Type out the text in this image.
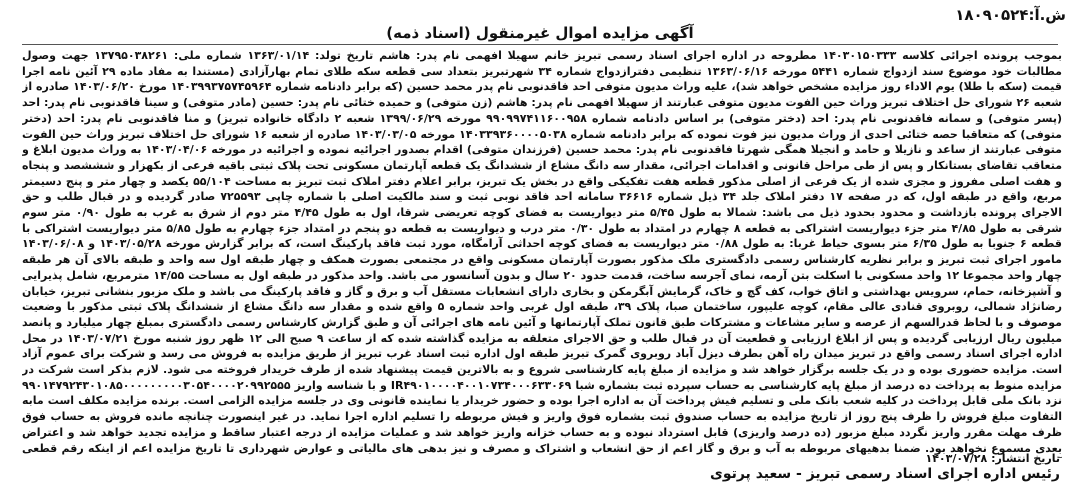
ش.آ:۱۸۰۹۰۵۲۴
آگهی مزایده اموال غیرمنقول (اسناد ذمه)

بموجب پرونده اجرائی کلاسه ۱۴۰۳۰۱۵۰۳۳۳ مطروحه در اداره اجرای اسناد رسمی تبریز خانم سهیلا افهمی نام پدر: هاشم تاریخ تولد: ۱۳۶۳/۰۱/۱۴ شماره ملی: ۱۳۷۹۵۰۳۸۲۶۱ جهت وصول مطالبات خود موضوع سند ازدواج شماره ۵۴۴۱ مورخه ۱۳۶۳/۰۶/۱۶ تنظیمی دفترازدواج شماره ۳۴ شهرتبریز بتعداد سی قطعه سکه طلای تمام بهارآزادی (مستندا به مفاد ماده ۲۹ آئین نامه اجرا قیمت (سکه با طلا) یوم الاداء روز مزایده مشخص خواهد شد)، علیه وراث مدیون متوفی احد فاقدنوبی نام پدر محمد حسین (که برابر دادنامه شماره ۱۴۰۳۹۹۳۷۵۷۴۵۹۶۴ مورخ ۱۴۰۳/۰۶/۲۰ صادره از شعبه ۲۶ شورای حل اختلاف تبریز وراث حین الفوت مدیون متوفی عبارتند از سهیلا افهمی نام پدر: هاشم (زن متوفی) و حمیده ختائی نام پدر: حسین (مادر متوفی) و سینا فاقدنوبی نام پدر: احد (پسر متوفی) و سمانه فاقدنوبی نام پدر: احد (دختر متوفی) بر اساس دادنامه شماره ۹۹۰۹۹۷۴۱۱۶۰۰۹۵۸ مورخه ۱۳۹۹/۰۶/۲۹ شعبه ۲ دادگاه خانواده تبریز) و منا فاقدنوبی نام پدر: احد (دختر متوفی) که متعاقبا حصه ختائی احدی از وراث مدیون نیز فوت نموده که برابر دادنامه شماره ۱۴۰۳۳۹۳۶۰۰۰۰۵۰۳۸ مورخه ۱۴۰۳/۰۳/۰۵ صادره از شعبه ۱۶ شورای حل اختلاف تبریز وراث حین الفوت متوفی عبارتند از ساعد و نازیلا و حامد و انجیلا همگی شهرتا فاقدنوبی نام پدر: محمد حسین (فرزندان متوفی) اقدام بصدور اجرائیه نموده و اجرائیه در مورخه ۱۴۰۳/۰۴/۰۶ به وراث مدیون ابلاغ و متعاقب تقاضای بستانکار و پس از طی مراحل قانونی و اقدامات اجرائی، مقدار سه دانگ مشاع از ششدانگ یک قطعه آپارتمان مسکونی تحت پلاک ثبتی باقیه فرعی از بکهزار و شششصد و پنجاه و هفت اصلی مفروز و مجزی شده از یک فرعی از اصلی مذکور قطعه هفت تفکیکی واقع در بخش یک تبریز، برابر اعلام دفتر املاک ثبت تبریز به مساحت ۵۵/۱۰۴ یکصد و چهار متر و پنج دسیمتر مربع، واقع در طبقه اول، که در صفحه ۱۷ دفتر املاک جلد ۳۴ ذیل شماره ۳۶۶۱۶ سامانه احد فاقد نوبی ثبت و سند مالکیت اصلی با شماره چاپی ۷۲۵۵۹۳ صادر گردیده و در قبال طلب و حق الاجرای پرونده بازداشت و محدود بحدود ذیل می باشد: شمالا به طول ۵/۴۵ متر دیواریست به فضای کوچه تعریضی شرقا، اول به طول ۴/۴۵ متر دوم از شرق به غرب به طول ۰/۹۰ متر سوم شرقی به طول ۴/۸۵ متر جزء دیواریست اشتراکی به قطعه ۸ چهارم در امتداد به طول ۰/۳۰ متر درب و دیواریست به قطعه دو پنجم در امتداد جزء چهارم به طول ۵/۸۵ متر دیواریست اشتراکی با قطعه ۶ جنوبا به طول ۶/۳۵ متر بسوی حیاط غربا: به طول ۰/۸۸ متر دیواریست به فضای کوچه احداثی آرامگاه، مورد ثبت فاقد پارکینگ است، که برابر گزارش مورخه ۱۴۰۳/۰۵/۲۸ و ۱۴۰۳/۰۶/۰۸ مامور اجرای ثبت تبریز و برابر نظریه کارشناس رسمی دادگستری ملک مذکور بصورت آپارتمان مسکونی واقع در مجتمعی بصورت همکف و چهار طبقه اول سه واحد و طبقه بالای آن هر طبقه چهار واحد مجموعا ۱۲ واحد مسکونی با اسکلت بتن آرمه، نمای آجرسه ساخت، قدمت حدود ۲۰ سال و بدون آسانسور می باشد. واحد مذکور در طبقه اول به مساحت ۱۴/۵۵ مترمربع، شامل پذیرایی و آشپزخانه، حمام، سرویس بهداشتی و اتاق خواب، کف گچ و خاک، گرمایش آبگرمکن و بخاری دارای انشعابات مستقل آب و برق و گاز و فاقد پارکینگ می باشد و ملک مزبور بنشانی تبریز، خیابان رضانژاد شمالی، روبروی قنادی عالی مقام، کوچه علیپور، ساختمان صبا، پلاک ۳۹، طبقه اول غربی واحد شماره ۵ واقع شده و مقدار سه دانگ مشاع از ششدانگ پلاک ثبتی مذکور با وضعیت موصوف و با لحاظ قدرالسهم از عرصه و سایر مشاعات و مشترکات طبق قانون تملک آپارتمانها و آئین نامه های اجرائی آن و طبق گزارش کارشناس رسمی دادگستری بمبلغ چهار میلیارد و پانصد میلیون ریال ارزیابی گردیده و پس از ابلاغ ارزیابی و قطعیت آن در قبال طلب و حق الاجرای متعلقه به مزایده گذاشته شده که از ساعت ۹ صبح الی ۱۲ ظهر روز شنبه مورخ ۱۴۰۳/۰۷/۲۱ در محل اداره اجرای اسناد رسمی واقع در تبریز میدان راه آهن بطرف دیزل آباد روبروی گمرک تبریز طبقه اول اداره ثبت اسناد غرب تبریز از طریق مزایده به فروش می رسد و شرکت برای عموم آزاد است. مزایده حضوری بوده و در یک جلسه برگزار خواهد شد و مزایده از مبلغ پایه کارشناسی شروع و به بالاترین قیمت پیشنهاد شده از طرف خریدار فروخته می شود. لازم بذکر است شرکت در مزایده منوط به پرداخت ده درصد از مبلغ پایه کارشناسی به حساب سپرده ثبت بشماره شبا IR۴۹۰۱۰۰۰۰۴۰۰۱۰۷۳۴۰۰۰۶۳۳۰۶۹ و با شناسه واریز ۹۹۰۱۴۷۹۲۴۳۰۱۰۸۵۰۰۰۰۰۰۰۰۰۳۰۵۴۰۰۰۰۲۰۹۹۲۵۵۵ نزد بانک ملی قابل پرداخت در کلیه شعب بانک ملی و تسلیم فیش پرداخت آن به اداره اجرا بوده و حضور خریدار یا نماینده قانونی وی در جلسه مزایده الزامی است. برنده مزایده مکلف است مابه التفاوت مبلغ فروش را ظرف پنج روز از تاریخ مزایده به حساب صندوق ثبت بشماره فوق واریز و فیش مربوطه را تسلیم اداره اجرا نماید. در غیر اینصورت چنانچه مانده فروش به حساب فوق ظرف مهلت مقرر واریز نگردد مبلغ مزبور (ده درصد واریزی) قابل استرداد نبوده و به حساب خزانه واریز خواهد شد و عملیات مزایده از درجه اعتبار ساقط و مزایده تجدید خواهد شد و اعتراض بعدی مسموع نخواهد بود. ضمنا بدهیهای مربوطه به آب و برق و گاز اعم از حق انشعاب و اشتراک و مصرف و نیز بدهی های مالیاتی و عوارض شهرداری تا تاریخ مزایده اعم از اینکه رقم قطعی

تاریخ انتشار: ۱۴۰۳/۰۷/۲۸
رئیس اداره اجرای اسناد رسمی تبریز - سعید پرتوی
